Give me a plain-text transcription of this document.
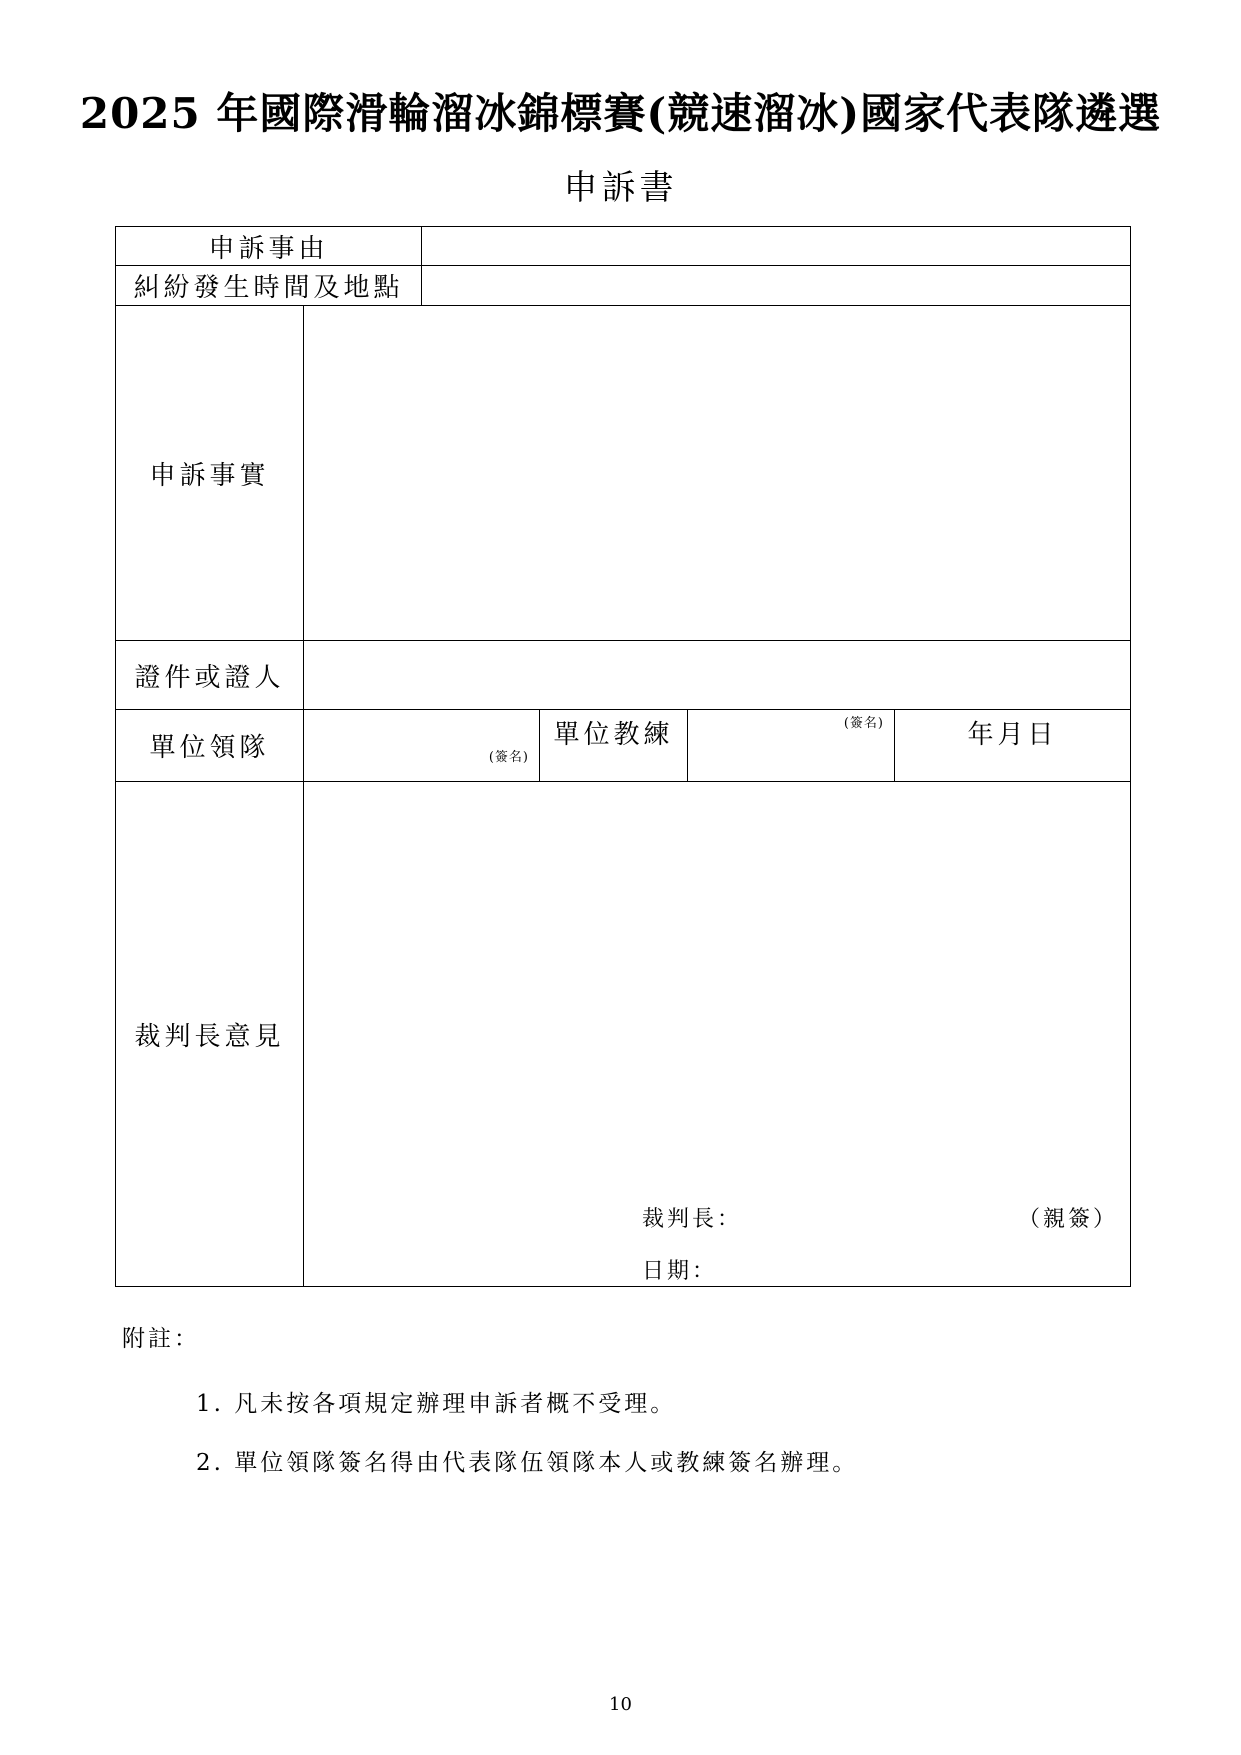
2025 年國際滑輪溜冰錦標賽(競速溜冰)國家代表隊遴選
申訴書
申訴事由					
糾紛發生時間及地點					
申訴事實					
證件或證人					
單位領隊	(簽名)		單位教練	(簽名)	年月日
裁判長意見	裁判長： （親簽）
日期：				
附註：
1. 凡未按各項規定辦理申訴者概不受理。
2. 單位領隊簽名得由代表隊伍領隊本人或教練簽名辦理。
10
